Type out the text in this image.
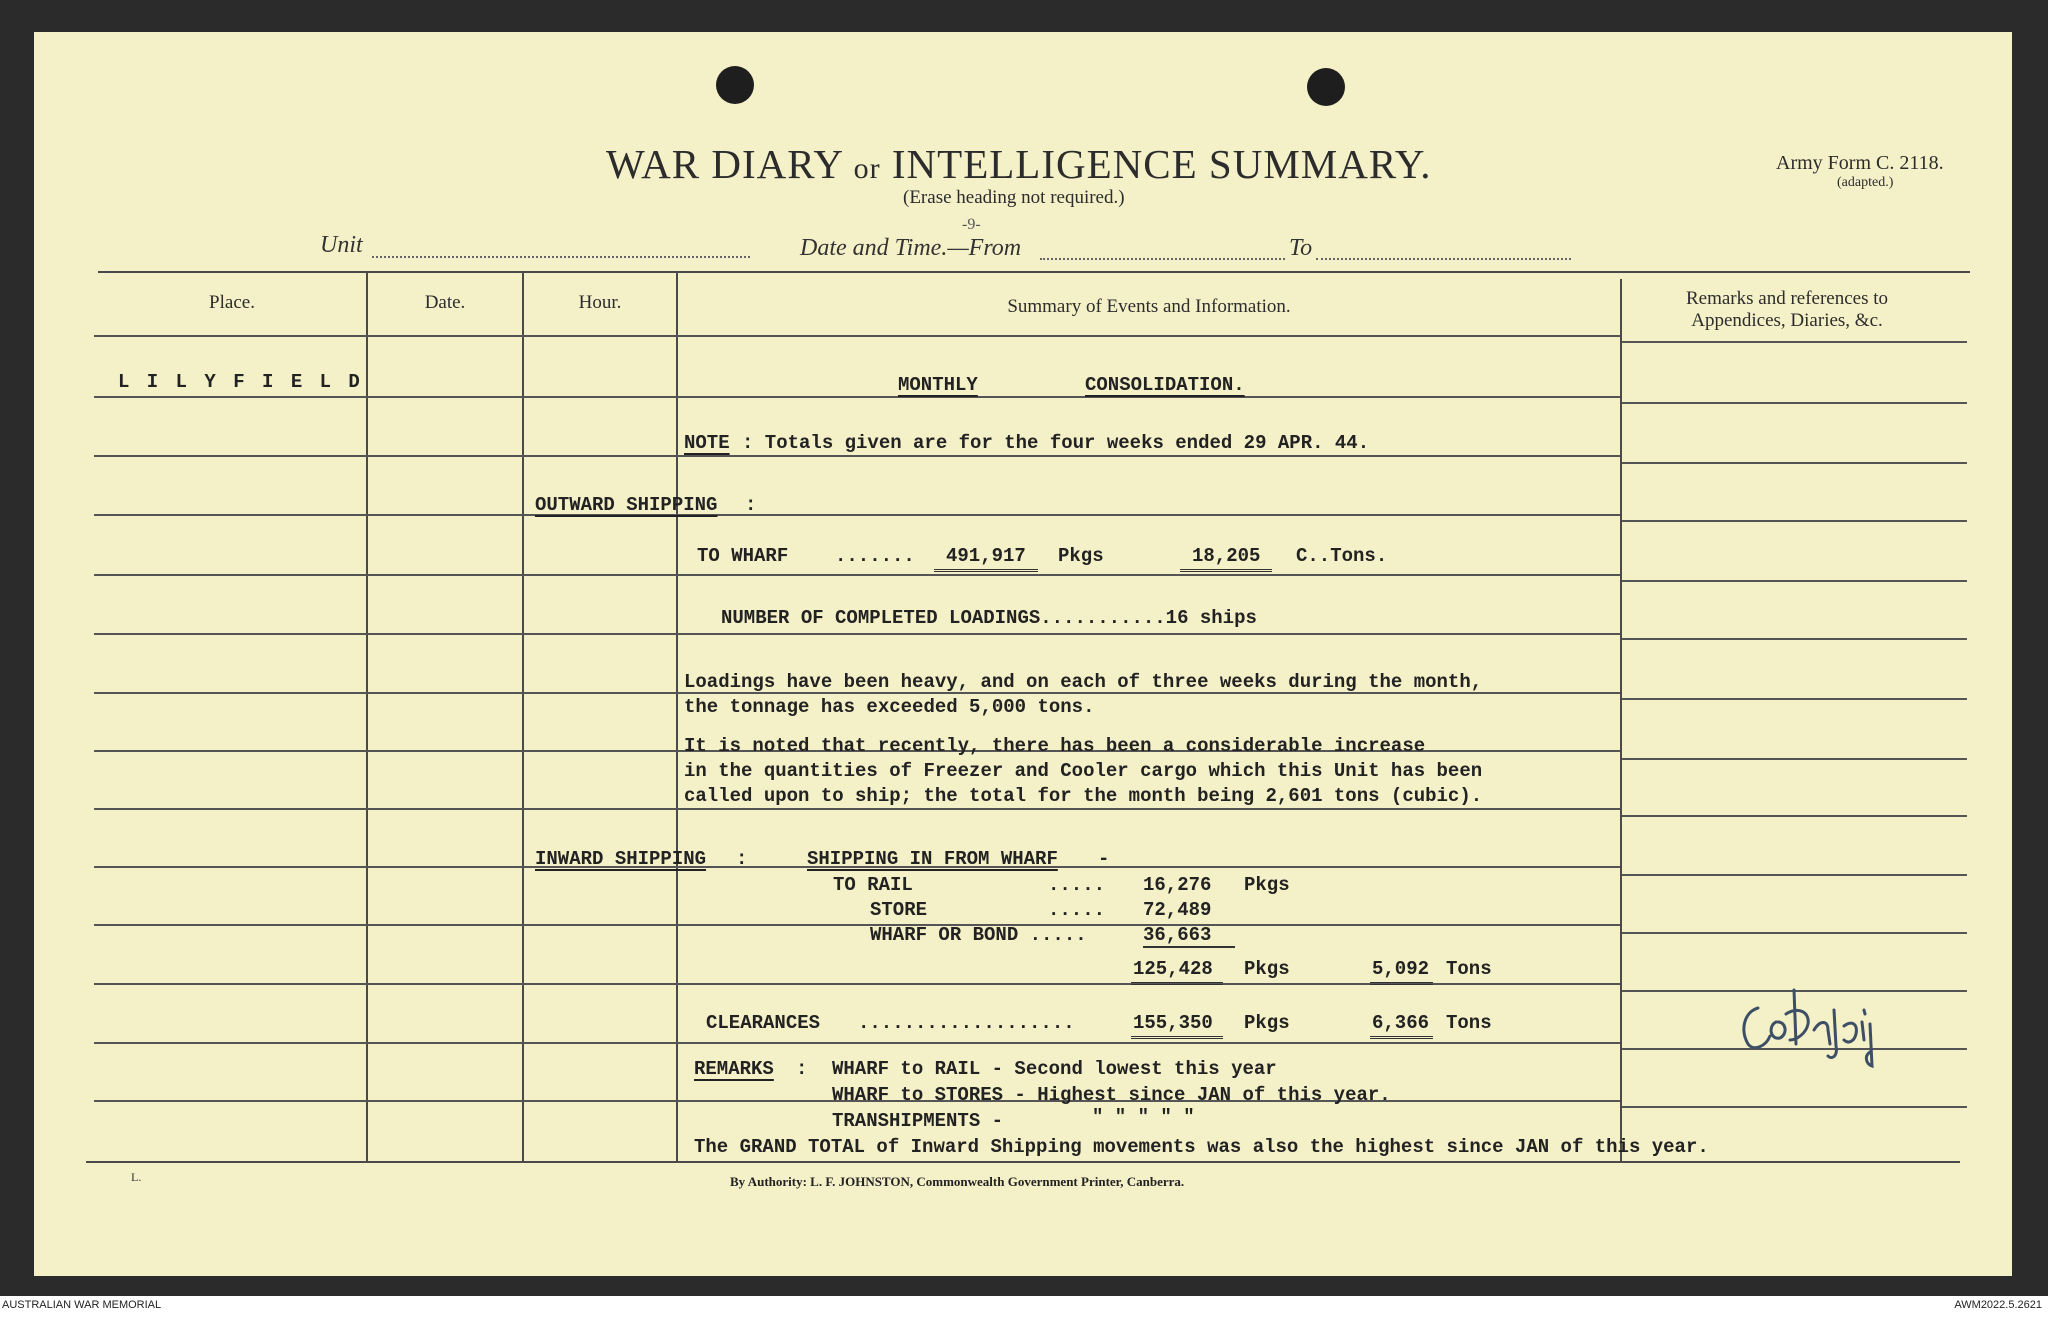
WAR DIARY or INTELLIGENCE SUMMARY.
(Erase heading not required.)
Army Form C. 2118.
(adapted.)
-9-
Unit	Date and Time.—From	To
Place.	Date.	Hour.	Summary of Events and Information.	Remarks and references to
Appendices, Diaries, &c.
L I L Y F I E L D	MONTHLY	CONSOLIDATION.
NOTE : Totals given are for the four weeks ended 29 APR. 44.
OUTWARD SHIPPING :
TO WHARF .......	491,917	Pkgs	18,205	C..Tons.
NUMBER OF COMPLETED LOADINGS...........16 ships
Loadings have been heavy, and on each of three weeks during the month,
the tonnage has exceeded 5,000 tons.
It is noted that recently, there has been a considerable increase
in the quantities of Freezer and Cooler cargo which this Unit has been
called upon to ship; the total for the month being 2,601 tons (cubic).
INWARD SHIPPING :	SHIPPING IN FROM WHARF -
TO RAIL	..... 16,276 Pkgs
STORE	..... 72,489
WHARF OR BOND .....	36,663
125,428	Pkgs	5,092 Tons
CLEARANCES ...................	155,350	Pkgs	6,366 Tons
REMARKS : WHARF to RAIL - Second lowest this year
WHARF to STORES - Highest since JAN of this year.
TRANSHIPMENTS -	" " " " "
The GRAND TOTAL of Inward Shipping movements was also the highest since JAN of this year.
L.	By Authority: L. F. JOHNSTON, Commonwealth Government Printer, Canberra.
AUSTRALIAN WAR MEMORIAL	AWM2022.5.2621
